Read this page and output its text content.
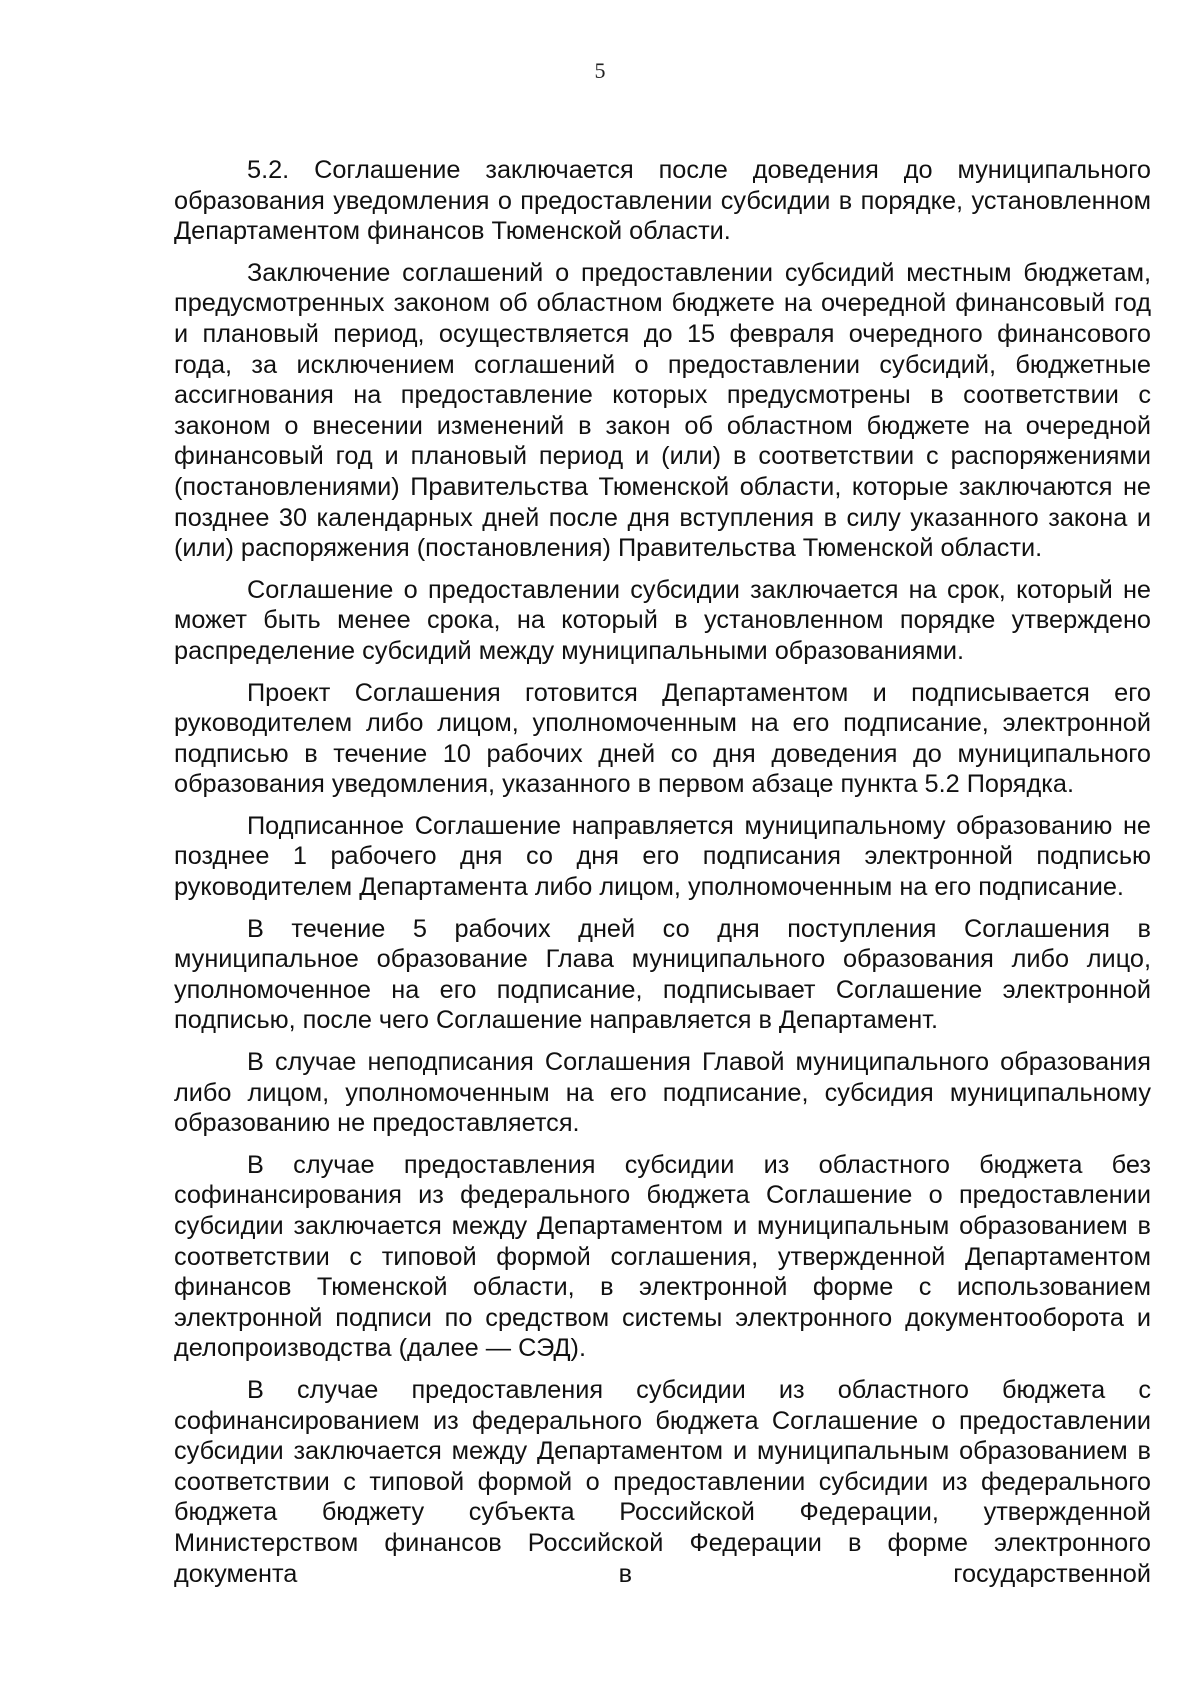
5

5.2. Соглашение заключается после доведения до муниципального образования уведомления о предоставлении субсидии в порядке, установленном Департаментом финансов Тюменской области.

Заключение соглашений о предоставлении субсидий местным бюджетам, предусмотренных законом об областном бюджете на очередной финансовый год и плановый период, осуществляется до 15 февраля очередного финансового года, за исключением соглашений о предоставлении субсидий, бюджетные ассигнования на предоставление которых предусмотрены в соответствии с законом о внесении изменений в закон об областном бюджете на очередной финансовый год и плановый период и (или) в соответствии с распоряжениями (постановлениями) Правительства Тюменской области, которые заключаются не позднее 30 календарных дней после дня вступления в силу указанного закона и (или) распоряжения (постановления) Правительства Тюменской области.

Соглашение о предоставлении субсидии заключается на срок, который не может быть менее срока, на который в установленном порядке утверждено распределение субсидий между муниципальными образованиями.

Проект Соглашения готовится Департаментом и подписывается его руководителем либо лицом, уполномоченным на его подписание, электронной подписью в течение 10 рабочих дней со дня доведения до муниципального образования уведомления, указанного в первом абзаце пункта 5.2 Порядка.

Подписанное Соглашение направляется муниципальному образованию не позднее 1 рабочего дня со дня его подписания электронной подписью руководителем Департамента либо лицом, уполномоченным на его подписание.

В течение 5 рабочих дней со дня поступления Соглашения в муниципальное образование Глава муниципального образования либо лицо, уполномоченное на его подписание, подписывает Соглашение электронной подписью, после чего Соглашение направляется в Департамент.

В случае неподписания Соглашения Главой муниципального образования либо лицом, уполномоченным на его подписание, субсидия муниципальному образованию не предоставляется.

В случае предоставления субсидии из областного бюджета без софинансирования из федерального бюджета Соглашение о предоставлении субсидии заключается между Департаментом и муниципальным образованием в соответствии с типовой формой соглашения, утвержденной Департаментом финансов Тюменской области, в электронной форме с использованием электронной подписи по средством системы электронного документооборота и делопроизводства (далее — СЭД).

В случае предоставления субсидии из областного бюджета с софинансированием из федерального бюджета Соглашение о предоставлении субсидии заключается между Департаментом и муниципальным образованием в соответствии с типовой формой о предоставлении субсидии из федерального бюджета бюджету субъекта Российской Федерации, утвержденной Министерством финансов Российской Федерации в форме электронного документа в государственной
